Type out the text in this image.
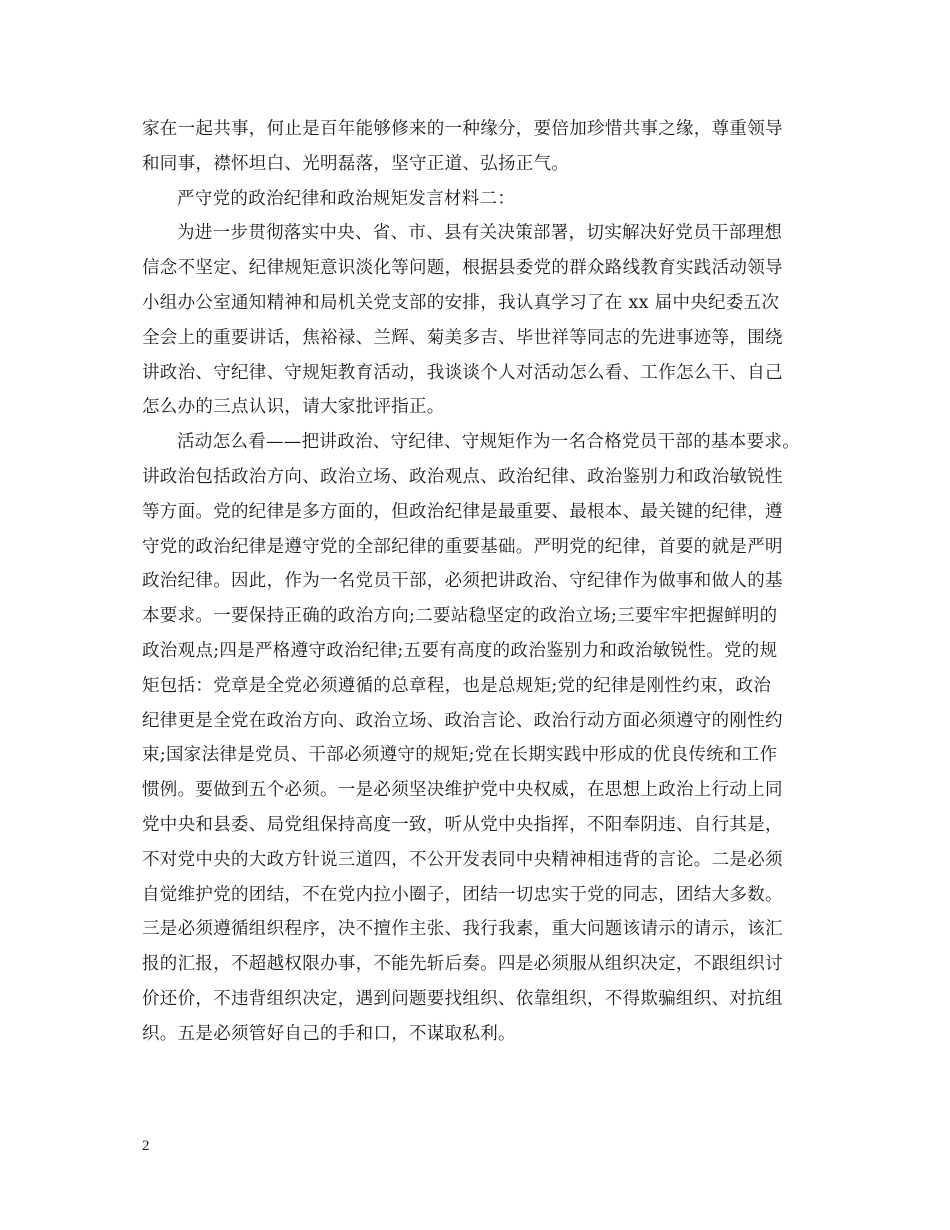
家在一起共事，何止是百年能够修来的一种缘分，要倍加珍惜共事之缘，尊重领导
和同事，襟怀坦白、光明磊落，坚守正道、弘扬正气。
严守党的政治纪律和政治规矩发言材料二：
为进一步贯彻落实中央、省、市、县有关决策部署，切实解决好党员干部理想
信念不坚定、纪律规矩意识淡化等问题，根据县委党的群众路线教育实践活动领导
小组办公室通知精神和局机关党支部的安排，我认真学习了在 xx 届中央纪委五次
全会上的重要讲话，焦裕禄、兰辉、菊美多吉、毕世祥等同志的先进事迹等，围绕
讲政治、守纪律、守规矩教育活动，我谈谈个人对活动怎么看、工作怎么干、自己
怎么办的三点认识，请大家批评指正。
活动怎么看——把讲政治、守纪律、守规矩作为一名合格党员干部的基本要求。
讲政治包括政治方向、政治立场、政治观点、政治纪律、政治鉴别力和政治敏锐性
等方面。党的纪律是多方面的，但政治纪律是最重要、最根本、最关键的纪律，遵
守党的政治纪律是遵守党的全部纪律的重要基础。严明党的纪律，首要的就是严明
政治纪律。因此，作为一名党员干部，必须把讲政治、守纪律作为做事和做人的基
本要求。一要保持正确的政治方向;二要站稳坚定的政治立场;三要牢牢把握鲜明的
政治观点;四是严格遵守政治纪律;五要有高度的政治鉴别力和政治敏锐性。党的规
矩包括：党章是全党必须遵循的总章程，也是总规矩;党的纪律是刚性约束，政治
纪律更是全党在政治方向、政治立场、政治言论、政治行动方面必须遵守的刚性约
束;国家法律是党员、干部必须遵守的规矩;党在长期实践中形成的优良传统和工作
惯例。要做到五个必须。一是必须坚决维护党中央权威，在思想上政治上行动上同
党中央和县委、局党组保持高度一致，听从党中央指挥，不阳奉阴违、自行其是，
不对党中央的大政方针说三道四，不公开发表同中央精神相违背的言论。二是必须
自觉维护党的团结，不在党内拉小圈子，团结一切忠实于党的同志，团结大多数。
三是必须遵循组织程序，决不擅作主张、我行我素，重大问题该请示的请示，该汇
报的汇报，不超越权限办事，不能先斩后奏。四是必须服从组织决定，不跟组织讨
价还价，不违背组织决定，遇到问题要找组织、依靠组织，不得欺骗组织、对抗组
织。五是必须管好自己的手和口，不谋取私利。
2
